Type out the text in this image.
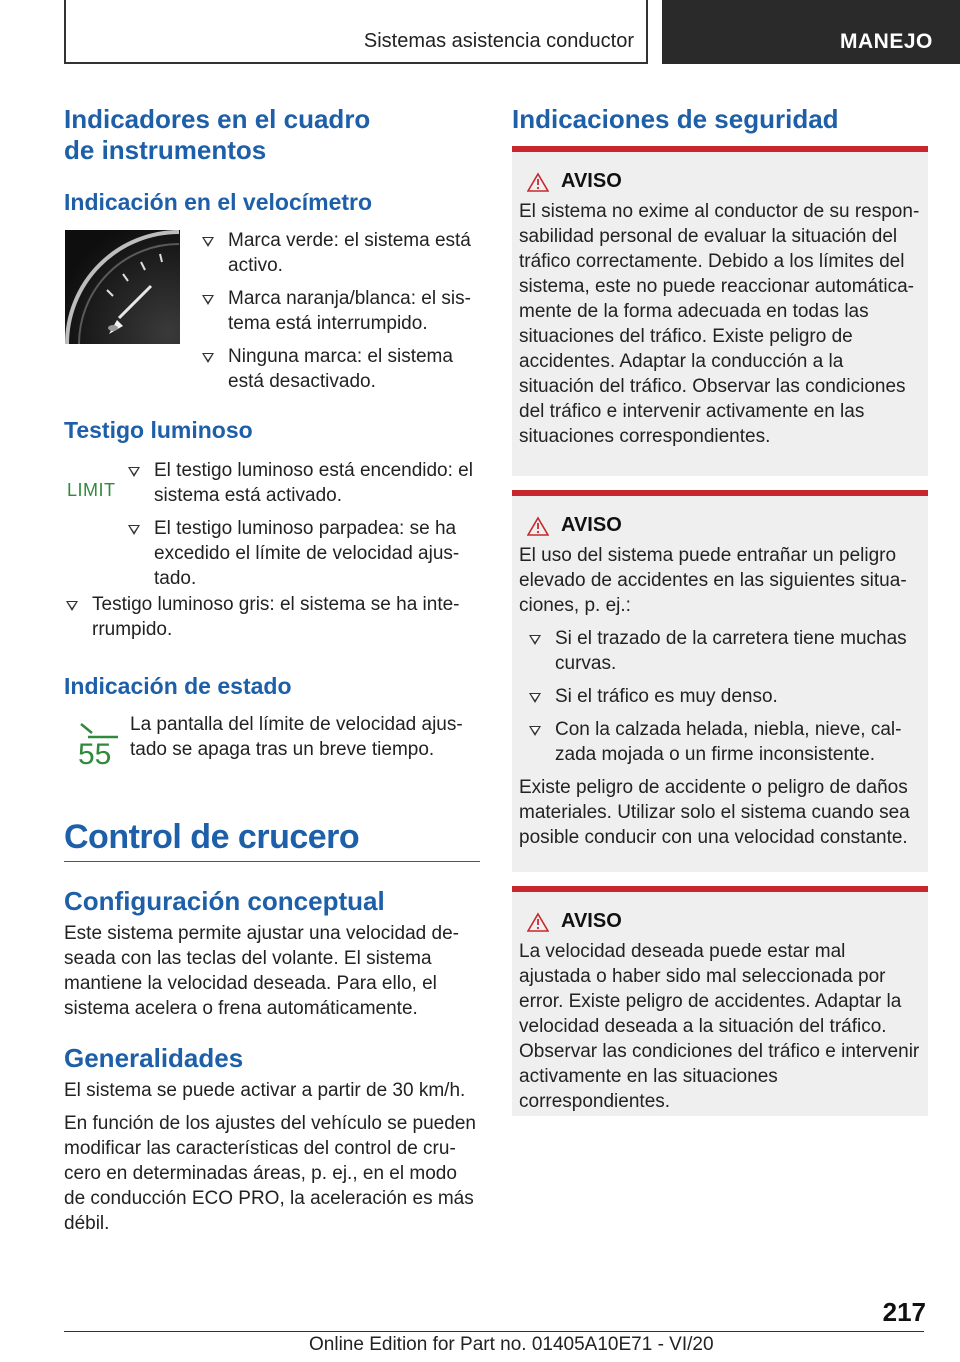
Sistemas asistencia conductor	MANEJO
Indicadores en el cuadro
de instrumentos
Indicación en el velocímetro
Marca verde: el sistema está activo.
Marca naranja/blanca: el sistema está interrumpido.
Ninguna marca: el sistema está desactivado.
Testigo luminoso
LIMIT
El testigo luminoso está encendido: el sistema está activado.
El testigo luminoso parpadea: se ha excedido el límite de velocidad ajustado.
Testigo luminoso gris: el sistema se ha interrumpido.
Indicación de estado
55

La pantalla del límite de velocidad ajustado se apaga tras un breve tiempo.

Control de crucero
Configuración conceptual

Este sistema permite ajustar una velocidad deseada con las teclas del volante. El sistema mantiene la velocidad deseada. Para ello, el sistema acelera o frena automáticamente.

Generalidades

El sistema se puede activar a partir de 30 km/h.

En función de los ajustes del vehículo se pueden modificar las características del control de crucero en determinadas áreas, p. ej., en el modo de conducción ECO PRO, la aceleración es más débil.

Indicaciones de seguridad
AVISO

El sistema no exime al conductor de su responsabilidad personal de evaluar la situación del tráfico correctamente. Debido a los límites del sistema, este no puede reaccionar automáticamente de la forma adecuada en todas las situaciones del tráfico. Existe peligro de accidentes. Adaptar la conducción a la situación del tráfico. Observar las condiciones del tráfico e intervenir activamente en las situaciones correspondientes.

AVISO

El uso del sistema puede entrañar un peligro elevado de accidentes en las siguientes situaciones, p. ej.:

Si el trazado de la carretera tiene muchas curvas.
Si el tráfico es muy denso.
Con la calzada helada, niebla, nieve, calzada mojada o un firme inconsistente.

Existe peligro de accidente o peligro de daños materiales. Utilizar solo el sistema cuando sea posible conducir con una velocidad constante.

AVISO

La velocidad deseada puede estar mal ajustada o haber sido mal seleccionada por error. Existe peligro de accidentes. Adaptar la velocidad deseada a la situación del tráfico. Observar las condiciones del tráfico e intervenir activamente en las situaciones correspondientes.

217
Online Edition for Part no. 01405A10E71 - VI/20
